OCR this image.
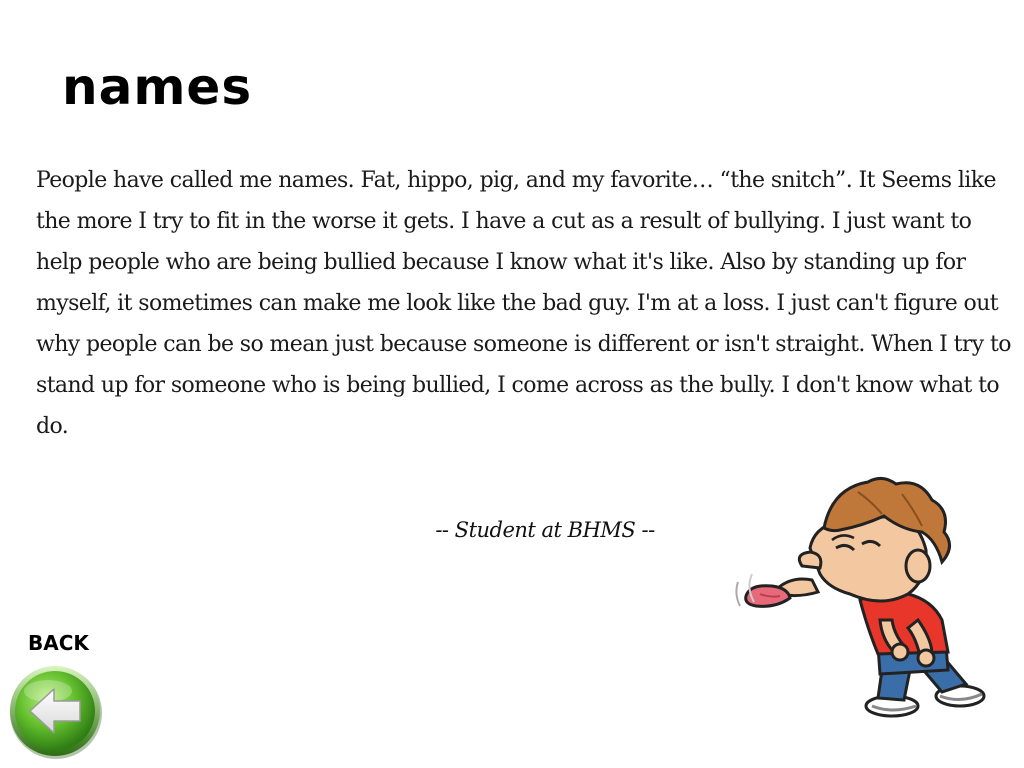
names

People have called me names. Fat, hippo, pig, and my favorite… “the snitch”. It Seems like the more I try to fit in the worse it gets. I have a cut as a result of bullying. I just want to help people who are being bullied because I know what it's like. Also by standing up for myself, it sometimes can make me look like the bad guy. I'm at a loss. I just can't figure out why people can be so mean just because someone is different or isn't straight. When I try to stand up for someone who is being bullied, I come across as the bully. I don't know what to do.

-- Student at BHMS --

BACK
